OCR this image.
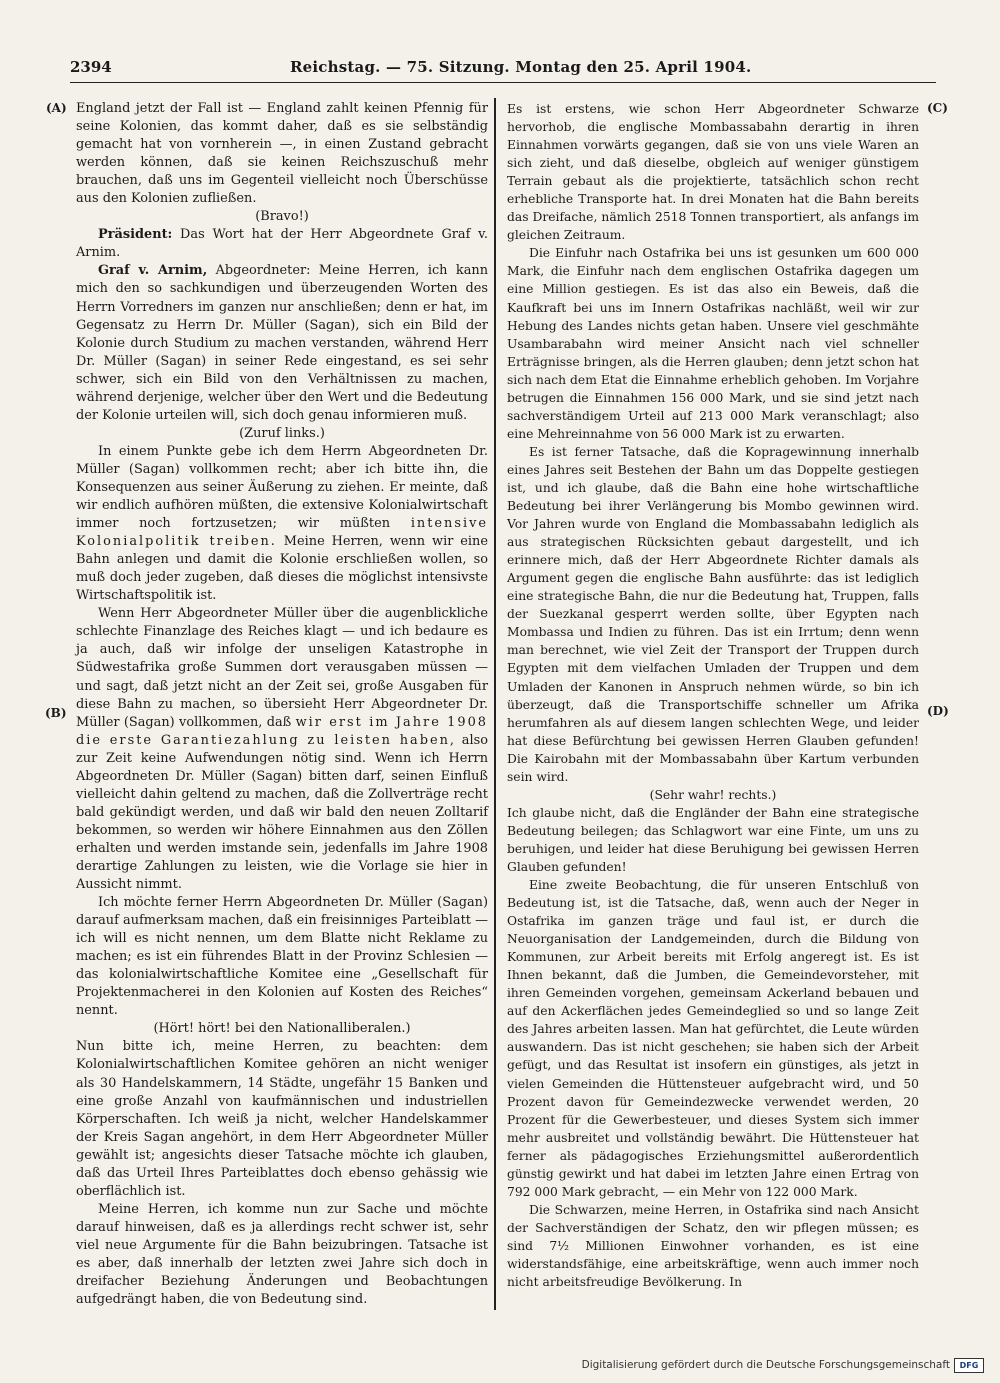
2394	Reichstag. — 75. Sitzung. Montag den 25. April 1904.
(A)
(B)
(C)
(D)

England jetzt der Fall ist — England zahlt keinen Pfennig für seine Kolonien, das kommt daher, daß es sie selbständig gemacht hat von vornherein —, in einen Zustand gebracht werden können, daß sie keinen Reichszuschuß mehr brauchen, daß uns im Gegenteil vielleicht noch Überschüsse aus den Kolonien zufließen.

(Bravo!)

Präsident: Das Wort hat der Herr Abgeordnete Graf v. Arnim.

Graf v. Arnim, Abgeordneter: Meine Herren, ich kann mich den so sachkundigen und überzeugenden Worten des Herrn Vorredners im ganzen nur anschließen; denn er hat, im Gegensatz zu Herrn Dr. Müller (Sagan), sich ein Bild der Kolonie durch Studium zu machen verstanden, während Herr Dr. Müller (Sagan) in seiner Rede eingestand, es sei sehr schwer, sich ein Bild von den Verhältnissen zu machen, während derjenige, welcher über den Wert und die Bedeutung der Kolonie urteilen will, sich doch genau informieren muß.

(Zuruf links.)

In einem Punkte gebe ich dem Herrn Abgeordneten Dr. Müller (Sagan) vollkommen recht; aber ich bitte ihn, die Konsequenzen aus seiner Äußerung zu ziehen. Er meinte, daß wir endlich aufhören müßten, die extensive Kolonialwirtschaft immer noch fortzusetzen; wir müßten intensive Kolonialpolitik treiben. Meine Herren, wenn wir eine Bahn anlegen und damit die Kolonie erschließen wollen, so muß doch jeder zugeben, daß dieses die möglichst intensivste Wirtschaftspolitik ist.

Wenn Herr Abgeordneter Müller über die augenblickliche schlechte Finanzlage des Reiches klagt — und ich bedaure es ja auch, daß wir infolge der unseligen Katastrophe in Südwestafrika große Summen dort verausgaben müssen — und sagt, daß jetzt nicht an der Zeit sei, große Ausgaben für diese Bahn zu machen, so übersieht Herr Abgeordneter Dr. Müller (Sagan) vollkommen, daß wir erst im Jahre 1908 die erste Garantiezahlung zu leisten haben, also zur Zeit keine Aufwendungen nötig sind. Wenn ich Herrn Abgeordneten Dr. Müller (Sagan) bitten darf, seinen Einfluß vielleicht dahin geltend zu machen, daß die Zollverträge recht bald gekündigt werden, und daß wir bald den neuen Zolltarif bekommen, so werden wir höhere Einnahmen aus den Zöllen erhalten und werden imstande sein, jedenfalls im Jahre 1908 derartige Zahlungen zu leisten, wie die Vorlage sie hier in Aussicht nimmt.

Ich möchte ferner Herrn Abgeordneten Dr. Müller (Sagan) darauf aufmerksam machen, daß ein freisinniges Parteiblatt — ich will es nicht nennen, um dem Blatte nicht Reklame zu machen; es ist ein führendes Blatt in der Provinz Schlesien — das kolonialwirtschaftliche Komitee eine „Gesellschaft für Projektenmacherei in den Kolonien auf Kosten des Reiches“ nennt.

(Hört! hört! bei den Nationalliberalen.)

Nun bitte ich, meine Herren, zu beachten: dem Kolonialwirtschaftlichen Komitee gehören an nicht weniger als 30 Handelskammern, 14 Städte, ungefähr 15 Banken und eine große Anzahl von kaufmännischen und industriellen Körperschaften. Ich weiß ja nicht, welcher Handelskammer der Kreis Sagan angehört, in dem Herr Abgeordneter Müller gewählt ist; angesichts dieser Tatsache möchte ich glauben, daß das Urteil Ihres Parteiblattes doch ebenso gehässig wie oberflächlich ist.

Meine Herren, ich komme nun zur Sache und möchte darauf hinweisen, daß es ja allerdings recht schwer ist, sehr viel neue Argumente für die Bahn beizubringen. Tatsache ist es aber, daß innerhalb der letzten zwei Jahre sich doch in dreifacher Beziehung Änderungen und Beobachtungen aufgedrängt haben, die von Bedeutung sind.

Es ist erstens, wie schon Herr Abgeordneter Schwarze hervorhob, die englische Mombassabahn derartig in ihren Einnahmen vorwärts gegangen, daß sie von uns viele Waren an sich zieht, und daß dieselbe, obgleich auf weniger günstigem Terrain gebaut als die projektierte, tatsächlich schon recht erhebliche Transporte hat. In drei Monaten hat die Bahn bereits das Dreifache, nämlich 2518 Tonnen transportiert, als anfangs im gleichen Zeitraum.

Die Einfuhr nach Ostafrika bei uns ist gesunken um 600 000 Mark, die Einfuhr nach dem englischen Ostafrika dagegen um eine Million gestiegen. Es ist das also ein Beweis, daß die Kaufkraft bei uns im Innern Ostafrikas nachläßt, weil wir zur Hebung des Landes nichts getan haben. Unsere viel geschmähte Usambarabahn wird meiner Ansicht nach viel schneller Erträgnisse bringen, als die Herren glauben; denn jetzt schon hat sich nach dem Etat die Einnahme erheblich gehoben. Im Vorjahre betrugen die Einnahmen 156 000 Mark, und sie sind jetzt nach sachverständigem Urteil auf 213 000 Mark veranschlagt; also eine Mehreinnahme von 56 000 Mark ist zu erwarten.

Es ist ferner Tatsache, daß die Kopragewinnung innerhalb eines Jahres seit Bestehen der Bahn um das Doppelte gestiegen ist, und ich glaube, daß die Bahn eine hohe wirtschaftliche Bedeutung bei ihrer Verlängerung bis Mombo gewinnen wird. Vor Jahren wurde von England die Mombassabahn lediglich als aus strategischen Rücksichten gebaut dargestellt, und ich erinnere mich, daß der Herr Abgeordnete Richter damals als Argument gegen die englische Bahn ausführte: das ist lediglich eine strategische Bahn, die nur die Bedeutung hat, Truppen, falls der Suezkanal gesperrt werden sollte, über Egypten nach Mombassa und Indien zu führen. Das ist ein Irrtum; denn wenn man berechnet, wie viel Zeit der Transport der Truppen durch Egypten mit dem vielfachen Umladen der Truppen und dem Umladen der Kanonen in Anspruch nehmen würde, so bin ich überzeugt, daß die Transportschiffe schneller um Afrika herumfahren als auf diesem langen schlechten Wege, und leider hat diese Befürchtung bei gewissen Herren Glauben gefunden! Die Kairobahn mit der Mombassabahn über Kartum verbunden sein wird.

(Sehr wahr! rechts.)

Ich glaube nicht, daß die Engländer der Bahn eine strategische Bedeutung beilegen; das Schlagwort war eine Finte, um uns zu beruhigen, und leider hat diese Beruhigung bei gewissen Herren Glauben gefunden!

Eine zweite Beobachtung, die für unseren Entschluß von Bedeutung ist, ist die Tatsache, daß, wenn auch der Neger in Ostafrika im ganzen träge und faul ist, er durch die Neuorganisation der Landgemeinden, durch die Bildung von Kommunen, zur Arbeit bereits mit Erfolg angeregt ist. Es ist Ihnen bekannt, daß die Jumben, die Gemeindevorsteher, mit ihren Gemeinden vorgehen, gemeinsam Ackerland bebauen und auf den Ackerflächen jedes Gemeindeglied so und so lange Zeit des Jahres arbeiten lassen. Man hat gefürchtet, die Leute würden auswandern. Das ist nicht geschehen; sie haben sich der Arbeit gefügt, und das Resultat ist insofern ein günstiges, als jetzt in vielen Gemeinden die Hüttensteuer aufgebracht wird, und 50 Prozent davon für Gemeindezwecke verwendet werden, 20 Prozent für die Gewerbesteuer, und dieses System sich immer mehr ausbreitet und vollständig bewährt. Die Hüttensteuer hat ferner als pädagogisches Erziehungsmittel außerordentlich günstig gewirkt und hat dabei im letzten Jahre einen Ertrag von 792 000 Mark gebracht, — ein Mehr von 122 000 Mark.

Die Schwarzen, meine Herren, in Ostafrika sind nach Ansicht der Sachverständigen der Schatz, den wir pflegen müssen; es sind 7½ Millionen Einwohner vorhanden, es ist eine widerstandsfähige, eine arbeitskräftige, wenn auch immer noch nicht arbeitsfreudige Bevölkerung. In

Digitalisierung gefördert durch die Deutsche Forschungsgemeinschaft	DFG
